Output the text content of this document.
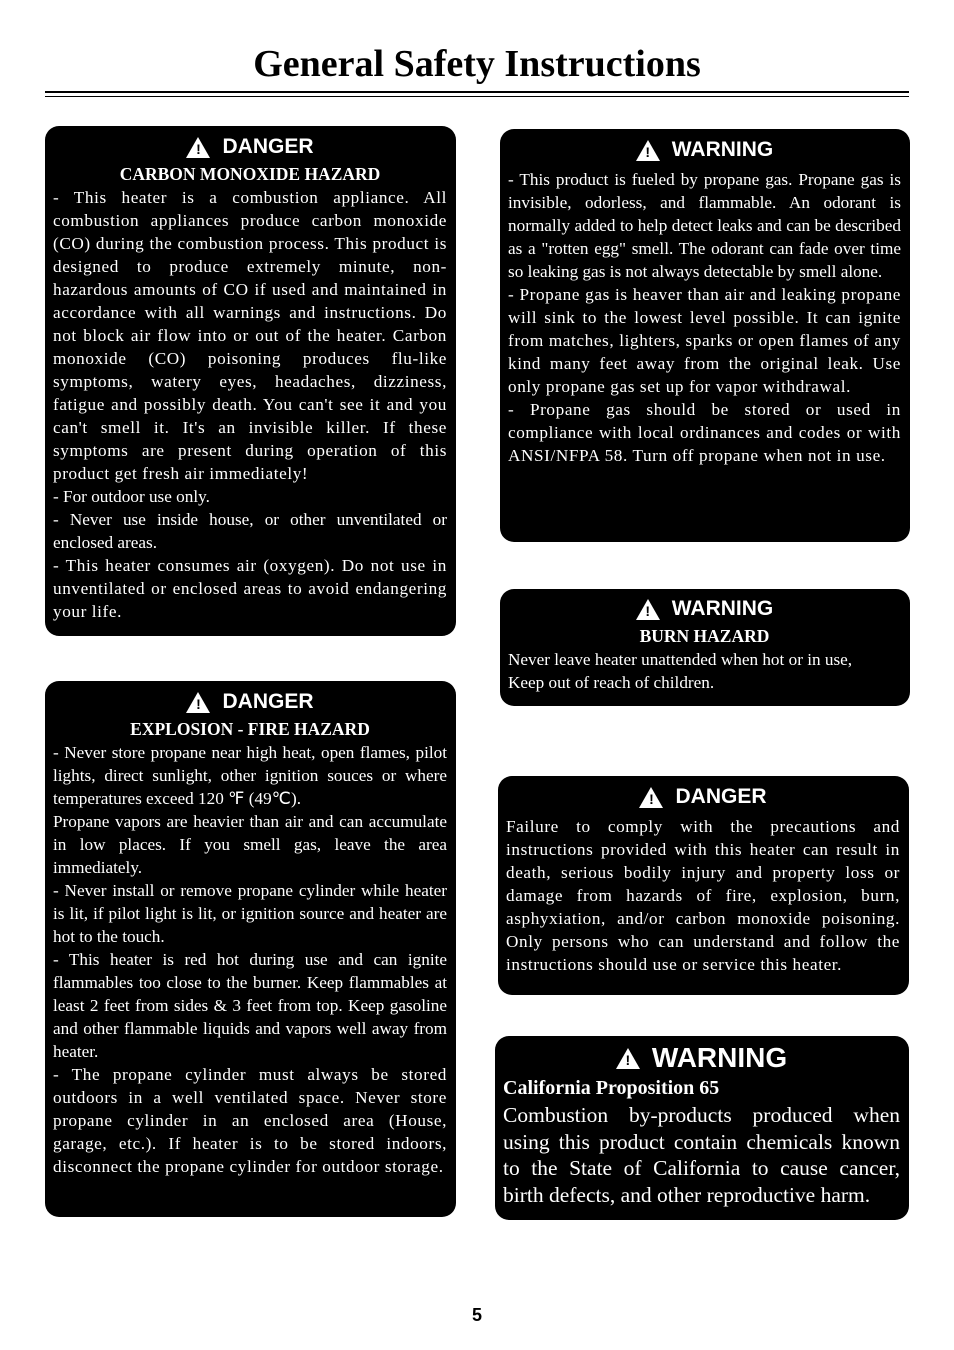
General Safety Instructions
! DANGER
CARBON MONOXIDE HAZARD

- This heater is a combustion appliance. All combustion appliances produce carbon monoxide (CO) during the combustion process. This product is designed to produce extremely minute, non-hazardous amounts of CO if used and maintained in accordance with all warnings and instructions. Do not block air flow into or out of the heater. Carbon monoxide (CO) poisoning produces flu-like symptoms, watery eyes, headaches, dizziness, fatigue and possibly death. You can't see it and you can't smell it. It's an invisible killer. If these symptoms are present during operation of this product get fresh air immediately!

- For outdoor use only.

- Never use inside house, or other unventilated or enclosed areas.

- This heater consumes air (oxygen). Do not use in unventilated or enclosed areas to avoid endangering your life.

! DANGER
EXPLOSION - FIRE HAZARD

- Never store propane near high heat, open flames, pilot lights, direct sunlight, other ignition souces or where temperatures exceed 120 ℉ (49℃).

Propane vapors are heavier than air and can accumulate in low places. If you smell gas, leave the area immediately.

- Never install or remove propane cylinder while heater is lit, if pilot light is lit, or ignition source and heater are hot to the touch.

- This heater is red hot during use and can ignite flammables too close to the burner. Keep flammables at least 2 feet from sides & 3 feet from top. Keep gasoline and other flammable liquids and vapors well away from heater.

- The propane cylinder must always be stored outdoors in a well ventilated space. Never store propane cylinder in an enclosed area (House, garage, etc.). If heater is to be stored indoors, disconnect the propane cylinder for outdoor storage.

! WARNING

- This product is fueled by propane gas. Propane gas is invisible, odorless, and flammable. An odorant is normally added to help detect leaks and can be described as a "rotten egg" smell. The odorant can fade over time so leaking gas is not always detectable by smell alone.

- Propane gas is heaver than air and leaking propane will sink to the lowest level possible. It can ignite from matches, lighters, sparks or open flames of any kind many feet away from the original leak. Use only propane gas set up for vapor withdrawal.

- Propane gas should be stored or used in compliance with local ordinances and codes or with ANSI/NFPA 58. Turn off propane when not in use.

! WARNING
BURN HAZARD

Never leave heater unattended when hot or in use,

Keep out of reach of children.

! DANGER

Failure to comply with the precautions and instructions provided with this heater can result in death, serious bodily injury and property loss or damage from hazards of fire, explosion, burn, asphyxiation, and/or carbon monoxide poisoning. Only persons who can understand and follow the instructions should use or service this heater.

! WARNING
California Proposition 65

Combustion by-products produced when using this product contain chemicals known to the State of California to cause cancer, birth defects, and other reproductive harm.

5
